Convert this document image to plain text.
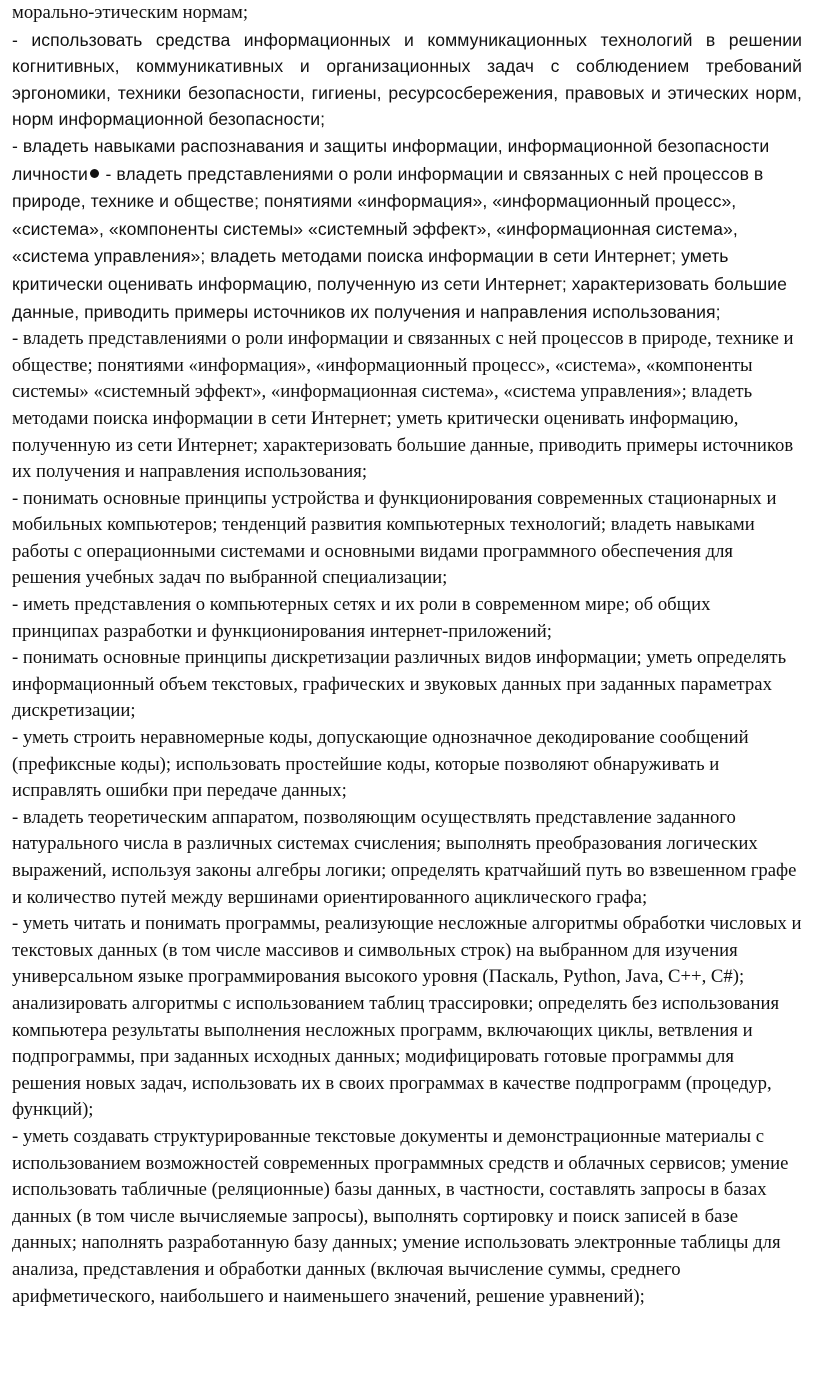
морально-этическим нормам;

- использовать средства информационных и коммуникационных технологий в решении когнитивных, коммуникативных и организационных задач с соблюдением требований эргономики, техники безопасности, гигиены, ресурсосбережения, правовых и этических норм, норм информационной безопасности;

- владеть навыками распознавания и защиты информации, информационной безопасности личности - владеть представлениями о роли информации и связанных с ней процессов в природе, технике и обществе; понятиями «информация», «информационный процесс», «система», «компоненты системы» «системный эффект», «информационная система», «система управления»; владеть методами поиска информации в сети Интернет; уметь критически оценивать информацию, полученную из сети Интернет; характеризовать большие данные, приводить примеры источников их получения и направления использования;

- владеть представлениями о роли информации и связанных с ней процессов в природе, технике и обществе; понятиями «информация», «информационный процесс», «система», «компоненты системы» «системный эффект», «информационная система», «система управления»; владеть методами поиска информации в сети Интернет; уметь критически оценивать информацию, полученную из сети Интернет; характеризовать большие данные, приводить примеры источников их получения и направления использования;

- понимать основные принципы устройства и функционирования современных стационарных и мобильных компьютеров; тенденций развития компьютерных технологий; владеть навыками работы с операционными системами и основными видами программного обеспечения для решения учебных задач по выбранной специализации;

- иметь представления о компьютерных сетях и их роли в современном мире; об общих принципах разработки и функционирования интернет-приложений;

- понимать основные принципы дискретизации различных видов информации; уметь определять информационный объем текстовых, графических и звуковых данных при заданных параметрах дискретизации;

- уметь строить неравномерные коды, допускающие однозначное декодирование сообщений (префиксные коды); использовать простейшие коды, которые позволяют обнаруживать и исправлять ошибки при передаче данных;

- владеть теоретическим аппаратом, позволяющим осуществлять представление заданного натурального числа в различных системах счисления; выполнять преобразования логических выражений, используя законы алгебры логики; определять кратчайший путь во взвешенном графе и количество путей между вершинами ориентированного ациклического графа;

- уметь читать и понимать программы, реализующие несложные алгоритмы обработки числовых и текстовых данных (в том числе массивов и символьных строк) на выбранном для изучения универсальном языке программирования высокого уровня (Паскаль, Python, Java, C++, C#); анализировать алгоритмы с использованием таблиц трассировки; определять без использования компьютера результаты выполнения несложных программ, включающих циклы, ветвления и подпрограммы, при заданных исходных данных; модифицировать готовые программы для решения новых задач, использовать их в своих программах в качестве подпрограмм (процедур, функций);

- уметь создавать структурированные текстовые документы и демонстрационные материалы с использованием возможностей современных программных средств и облачных сервисов; умение использовать табличные (реляционные) базы данных, в частности, составлять запросы в базах данных (в том числе вычисляемые запросы), выполнять сортировку и поиск записей в базе данных; наполнять разработанную базу данных; умение использовать электронные таблицы для анализа, представления и обработки данных (включая вычисление суммы, среднего арифметического, наибольшего и наименьшего значений, решение уравнений);
